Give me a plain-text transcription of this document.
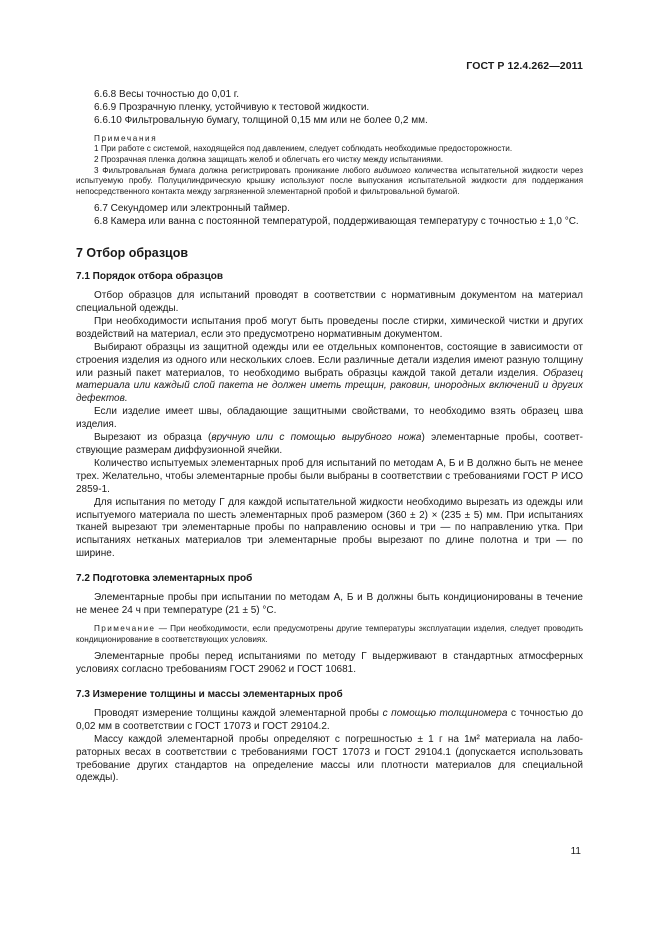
ГОСТ Р 12.4.262—2011

6.6.8 Весы точностью до 0,01 г.

6.6.9 Прозрачную пленку, устойчивую к тестовой жидкости.

6.6.10 Фильтровальную бумагу, толщиной 0,15 мм или не более 0,2 мм.

Примечания

1 При работе с системой, находящейся под давлением, следует соблюдать необходимые предосторожности.

2 Прозрачная пленка должна защищать желоб и облегчать его чистку между испытаниями.

3 Фильтровальная бумага должна регистрировать проникание любого видимого количества испытательной жидкости через испытуемую пробу. Полуцилиндрическую крышку используют после выпускания испытательной жидкости для поддержания непосредственного контакта между загрязненной элементарной пробой и фильтровальной бумагой.

6.7 Секундомер или электронный таймер.

6.8 Камера или ванна с постоянной температурой, поддерживающая температуру с точностью ± 1,0 °С.

7 Отбор образцов
7.1 Порядок отбора образцов

Отбор образцов для испытаний проводят в соответствии с нормативным документом на материал специальной одежды.

При необходимости испытания проб могут быть проведены после стирки, химической чистки и других воздействий на материал, если это предусмотрено нормативным документом.

Выбирают образцы из защитной одежды или ее отдельных компонентов, состоящие в зависимости от строения изделия из одного или нескольких слоев. Если различные детали изделия имеют разную толщину или разный пакет материалов, то необходимо выбрать образцы каждой такой детали изделия. Образец материала или каждый слой пакета не должен иметь трещин, раковин, инородных включений и других дефектов.

Если изделие имеет швы, обладающие защитными свойствами, то необходимо взять образец шва изделия.

Вырезают из образца (вручную или с помощью вырубного ножа) элементарные пробы, соответствующие размерам диффузионной ячейки.

Количество испытуемых элементарных проб для испытаний по методам А, Б и В должно быть не менее трех. Желательно, чтобы элементарные пробы были выбраны в соответствии с требованиями ГОСТ Р ИСО 2859-1.

Для испытания по методу Г для каждой испытательной жидкости необходимо вырезать из одежды или испытуемого материала по шесть элементарных проб размером (360 ± 2) × (235 ± 5) мм. При испытаниях тканей вырезают три элементарные пробы по направлению основы и три — по направлению утка. При испытаниях нетканых материалов три элементарные пробы вырезают по длине полотна и три — по ширине.

7.2 Подготовка элементарных проб

Элементарные пробы при испытании по методам А, Б и В должны быть кондиционированы в течение не менее 24 ч при температуре (21 ± 5) °С.

Примечание — При необходимости, если предусмотрены другие температуры эксплуатации изделия, следует проводить кондиционирование в соответствующих условиях.

Элементарные пробы перед испытаниями по методу Г выдерживают в стандартных атмосферных условиях согласно требованиям ГОСТ 29062 и ГОСТ 10681.

7.3 Измерение толщины и массы элементарных проб

Проводят измерение толщины каждой элементарной пробы с помощью толщиномера с точностью до 0,02 мм в соответствии с ГОСТ 17073 и ГОСТ 29104.2.

Массу каждой элементарной пробы определяют с погрешностью ± 1 г на 1м² материала на лабораторных весах в соответствии с требованиями ГОСТ 17073 и ГОСТ 29104.1 (допускается использовать требование других стандартов на определение массы или плотности материалов для специальной одежды).

11
